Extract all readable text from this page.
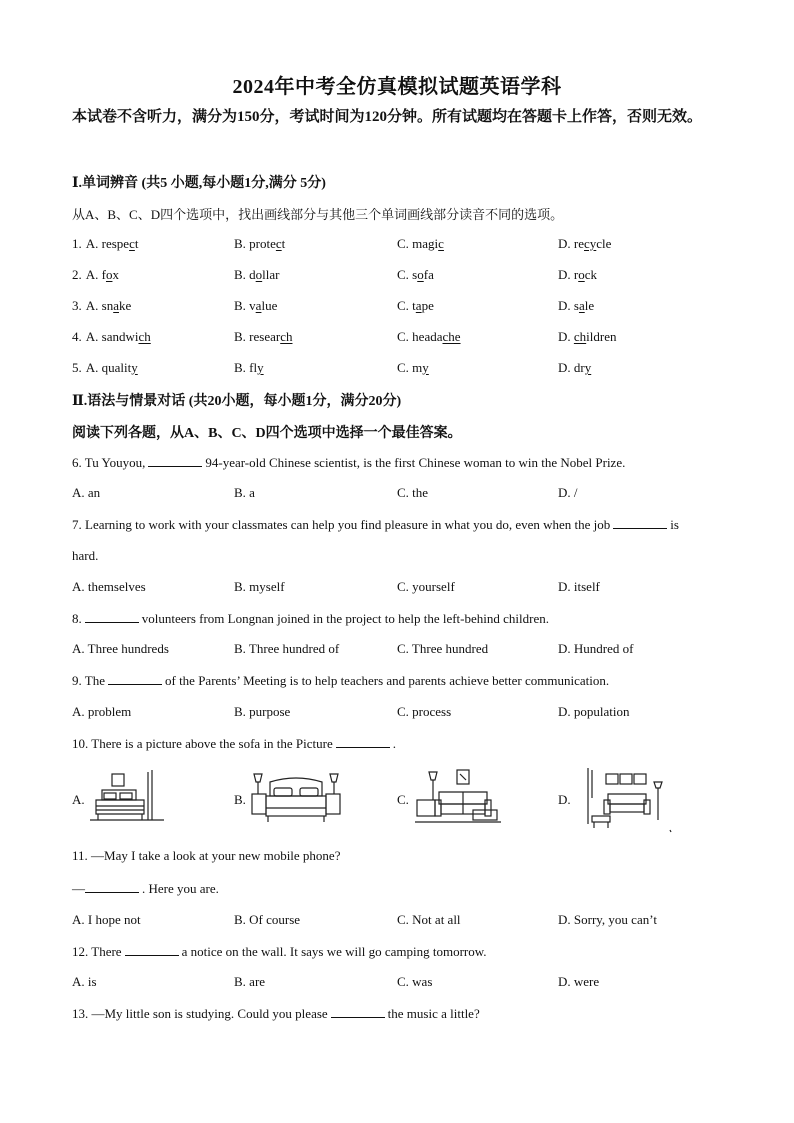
2024年中考全仿真模拟试题英语学科
本试卷不含听力，满分为150分，考试时间为120分钟。所有试题均在答题卡上作答，否则无效。
Ⅰ.单词辨音 (共5 小题,每小题1分,满分 5分)
从A、B、C、D四个选项中，找出画线部分与其他三个单词画线部分读音不同的选项。
1. A. respect	B. protect	C. magic	D. recycle
2. A. fox	B. dollar	C. sofa	D. rock
3. A. snake	B. value	C. tape	D. sale
4. A. sandwich	B. research	C. headache	D. children
5. A. quality	B. fly	C. my	D. dry
Ⅱ.语法与情景对话 (共20小题，每小题1分，满分20分)
阅读下列各题，从A、B、C、D四个选项中选择一个最佳答案。
6. Tu Youyou,	94-year-old Chinese scientist, is the first Chinese woman to win the Nobel Prize.
A. an	B. a	C. the	D. /
7. Learning to work with your classmates can help you find pleasure in what you do, even when the job	is
hard.
A. themselves	B. myself	C. yourself	D. itself
8.	volunteers from Longnan joined in the project to help the left-behind children.
A. Three hundreds	B. Three hundred of	C. Three hundred	D. Hundred of
9. The	of the Parents’ Meeting is to help teachers and parents achieve better communication.
A. problem	B. purpose	C. process	D. population
10. There is a picture above the sofa in the Picture	.
A.	B.	C.	D.
11. —May I take a look at your new mobile phone?
—	. Here you are.
A. I hope not	B. Of course	C. Not at all	D. Sorry, you can’t
12. There	a notice on the wall. It says we will go camping tomorrow.
A. is	B. are	C. was	D. were
13. —My little son is studying. Could you please	the music a little?
